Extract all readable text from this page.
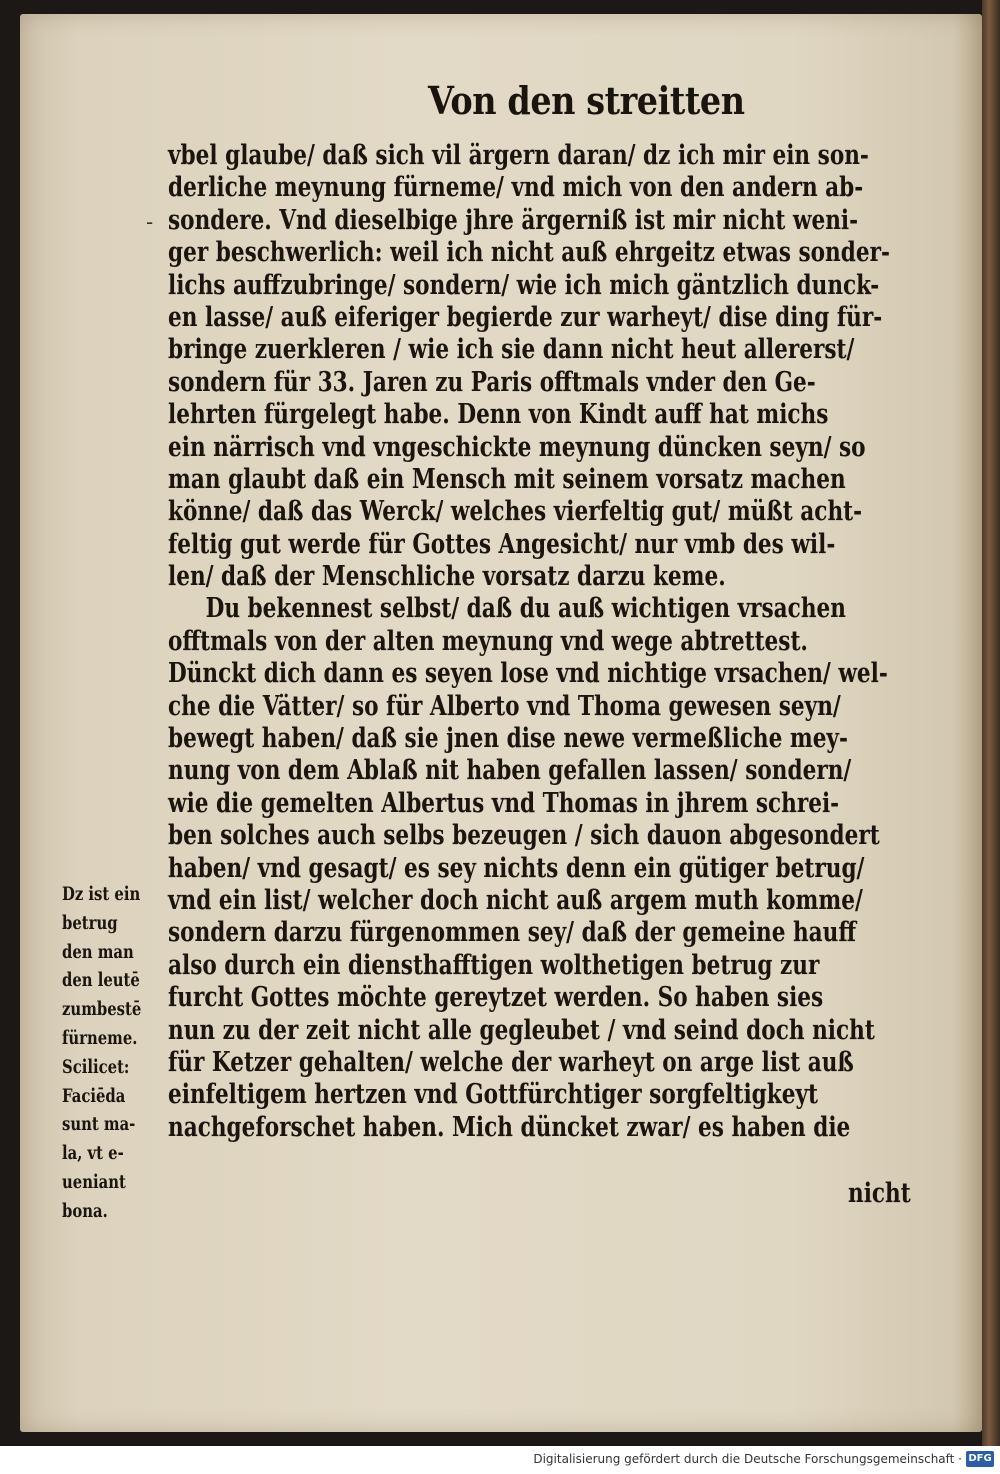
Von den streitten
-
vbel glaube/ daß sich vil ärgern daran/ dz ich mir ein son-
derliche meynung fürneme/ vnd mich von den andern ab-
sondere. Vnd dieselbige jhre ärgerniß ist mir nicht weni-
ger beschwerlich: weil ich nicht auß ehrgeitz etwas sonder-
lichs auffzubringe/ sondern/ wie ich mich gäntzlich dunck-
en lasse/ auß eiferiger begierde zur warheyt/ dise ding für-
bringe zuerkleren / wie ich sie dann nicht heut allererst/
sondern für 33. Jaren zu Paris offtmals vnder den Ge-
lehrten fürgelegt habe. Denn von Kindt auff hat michs
ein närrisch vnd vngeschickte meynung düncken seyn/ so
man glaubt daß ein Mensch mit seinem vorsatz machen
könne/ daß das Werck/ welches vierfeltig gut/ müßt acht-
feltig gut werde für Gottes Angesicht/ nur vmb des wil-
len/ daß der Menschliche vorsatz darzu keme.
Du bekennest selbst/ daß du auß wichtigen vrsachen
offtmals von der alten meynung vnd wege abtrettest.
Dünckt dich dann es seyen lose vnd nichtige vrsachen/ wel-
che die Vätter/ so für Alberto vnd Thoma gewesen seyn/
bewegt haben/ daß sie jnen dise newe vermeßliche mey-
nung von dem Ablaß nit haben gefallen lassen/ sondern/
wie die gemelten Albertus vnd Thomas in jhrem schrei-
ben solches auch selbs bezeugen / sich dauon abgesondert
haben/ vnd gesagt/ es sey nichts denn ein gütiger betrug/
vnd ein list/ welcher doch nicht auß argem muth komme/
sondern darzu fürgenommen sey/ daß der gemeine hauff
also durch ein diensthafftigen wolthetigen betrug zur
furcht Gottes möchte gereytzet werden. So haben sies
nun zu der zeit nicht alle gegleubet / vnd seind doch nicht
für Ketzer gehalten/ welche der warheyt on arge list auß
einfeltigem hertzen vnd Gottfürchtiger sorgfeltigkeyt
nachgeforschet haben. Mich düncket zwar/ es haben die
Dz ist ein
betrug
den man
den leutē
zumbestē
fürneme.
Scilicet:
Faciēda
sunt ma-
la, vt e-
ueniant
bona.
nicht
Digitalisierung gefördert durch die Deutsche Forschungsgemeinschaft · DFG
